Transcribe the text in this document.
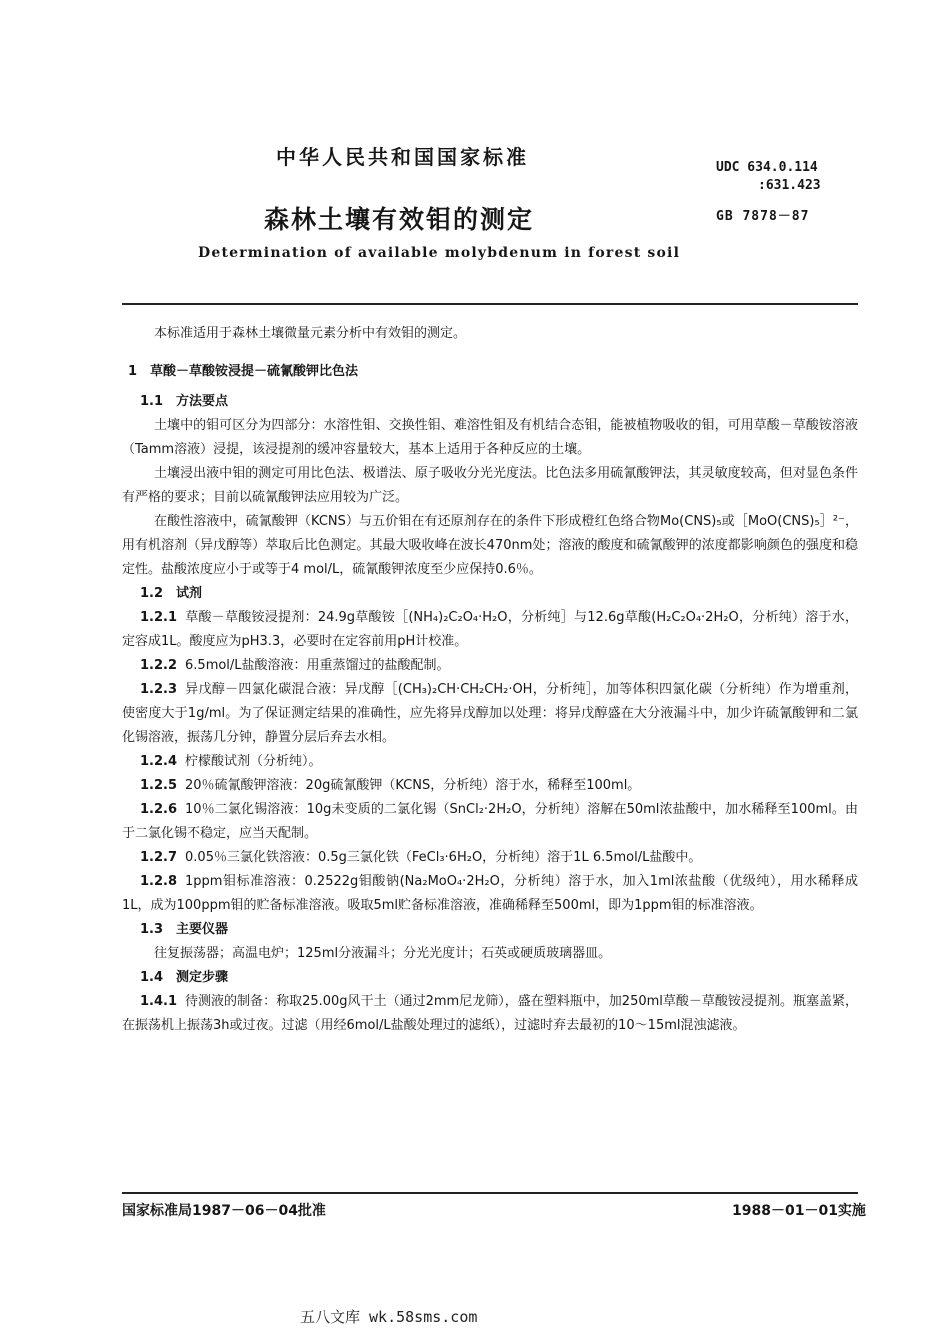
中华人民共和国国家标准
森林土壤有效钼的测定
Determination of available molybdenum in forest soil
UDC 634.0.114
:631.423
GB 7878－87

本标准适用于森林土壤微量元素分析中有效钼的测定。

1　草酸－草酸铵浸提－硫氰酸钾比色法

1.1　方法要点

土壤中的钼可区分为四部分：水溶性钼、交换性钼、难溶性钼及有机结合态钼，能被植物吸收的钼，可用草酸－草酸铵溶液（Tamm溶液）浸提，该浸提剂的缓冲容量较大，基本上适用于各种反应的土壤。

土壤浸出液中钼的测定可用比色法、极谱法、原子吸收分光光度法。比色法多用硫氰酸钾法，其灵敏度较高，但对显色条件有严格的要求；目前以硫氰酸钾法应用较为广泛。

在酸性溶液中，硫氰酸钾（KCNS）与五价钼在有还原剂存在的条件下形成橙红色络合物Mo(CNS)₅或［MoO(CNS)₅］²⁻，用有机溶剂（异戊醇等）萃取后比色测定。其最大吸收峰在波长470nm处；溶液的酸度和硫氰酸钾的浓度都影响颜色的强度和稳定性。盐酸浓度应小于或等于4 mol/L，硫氰酸钾浓度至少应保持0.6％。

1.2　试剂

1.2.1 草酸－草酸铵浸提剂：24.9g草酸铵［(NH₄)₂C₂O₄·H₂O，分析纯］与12.6g草酸(H₂C₂O₄·2H₂O，分析纯）溶于水，定容成1L。酸度应为pH3.3，必要时在定容前用pH计校准。

1.2.2 6.5mol/L盐酸溶液：用重蒸馏过的盐酸配制。

1.2.3 异戊醇－四氯化碳混合液：异戊醇［(CH₃)₂CH·CH₂CH₂·OH，分析纯］，加等体积四氯化碳（分析纯）作为增重剂，使密度大于1g/ml。为了保证测定结果的准确性，应先将异戊醇加以处理：将异戊醇盛在大分液漏斗中，加少许硫氰酸钾和二氯化锡溶液，振荡几分钟，静置分层后弃去水相。

1.2.4 柠檬酸试剂（分析纯）。

1.2.5 20％硫氰酸钾溶液：20g硫氰酸钾（KCNS，分析纯）溶于水，稀释至100ml。

1.2.6 10％二氯化锡溶液：10g未变质的二氯化锡（SnCl₂·2H₂O，分析纯）溶解在50ml浓盐酸中，加水稀释至100ml。由于二氯化锡不稳定，应当天配制。

1.2.7 0.05％三氯化铁溶液：0.5g三氯化铁（FeCl₃·6H₂O，分析纯）溶于1L 6.5mol/L盐酸中。

1.2.8 1ppm钼标准溶液：0.2522g钼酸钠(Na₂MoO₄·2H₂O，分析纯）溶于水，加入1ml浓盐酸（优级纯），用水稀释成1L，成为100ppm钼的贮备标准溶液。吸取5ml贮备标准溶液，准确稀释至500ml，即为1ppm钼的标准溶液。

1.3　主要仪器

往复振荡器；高温电炉；125ml分液漏斗；分光光度计；石英或硬质玻璃器皿。

1.4　测定步骤

1.4.1 待测液的制备：称取25.00g风干土（通过2mm尼龙筛），盛在塑料瓶中，加250ml草酸－草酸铵浸提剂。瓶塞盖紧，在振荡机上振荡3h或过夜。过滤（用经6mol/L盐酸处理过的滤纸），过滤时弃去最初的10～15ml混浊滤液。

国家标准局1987－06－04批准	1988－01－01实施
五八文库 wk.58sms.com
